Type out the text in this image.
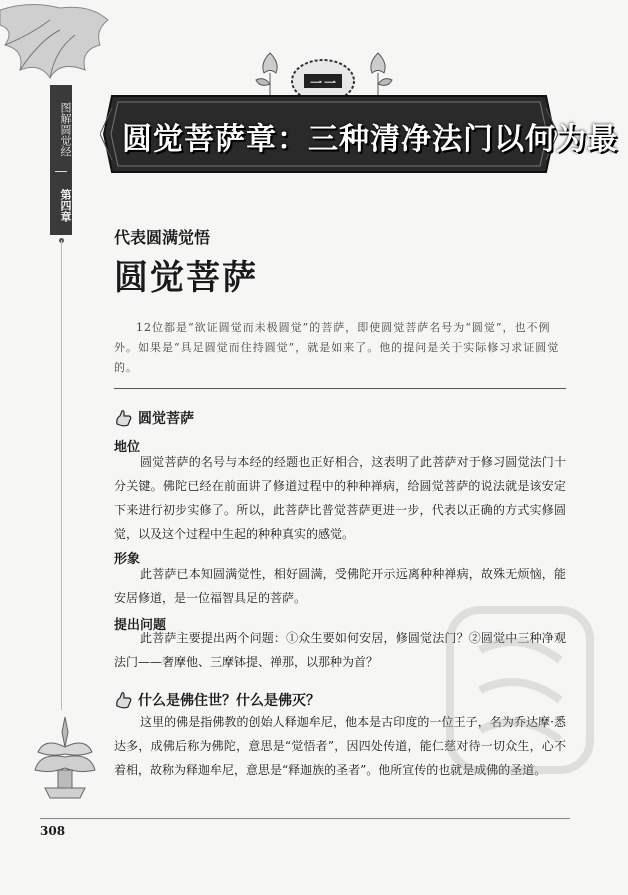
图解圆觉经
第四章
一一
圆觉菩萨章：三种清净法门以何为最
代表圆满觉悟
圆觉菩萨
12位都是“欲证圆觉而未极圆觉”的菩萨，即使圆觉菩萨名号为“圆觉”，也不例外。如果是“具足圆觉而住持圆觉”，就是如来了。他的提问是关于实际修习求证圆觉的。
圆觉菩萨
地位
圆觉菩萨的名号与本经的经题也正好相合，这表明了此菩萨对于修习圆觉法门十分关键。佛陀已经在前面讲了修道过程中的种种禅病，给圆觉菩萨的说法就是该安定下来进行初步实修了。所以，此菩萨比普觉菩萨更进一步，代表以正确的方式实修圆觉，以及这个过程中生起的种种真实的感觉。
形象
此菩萨已本知圆满觉性，相好圆满，受佛陀开示远离种种禅病，故殊无烦恼，能安居修道，是一位福智具足的菩萨。
提出问题
此菩萨主要提出两个问题：①众生要如何安居，修圆觉法门？②圆觉中三种净观法门——奢摩他、三摩钵提、禅那，以那种为首？
什么是佛住世？什么是佛灭？
这里的佛是指佛教的创始人释迦牟尼，他本是古印度的一位王子，名为乔达摩·悉达多，成佛后称为佛陀，意思是“觉悟者”，因四处传道，能仁慈对待一切众生，心不着相，故称为释迦牟尼，意思是“释迦族的圣者”。他所宣传的也就是成佛的圣道。
308
